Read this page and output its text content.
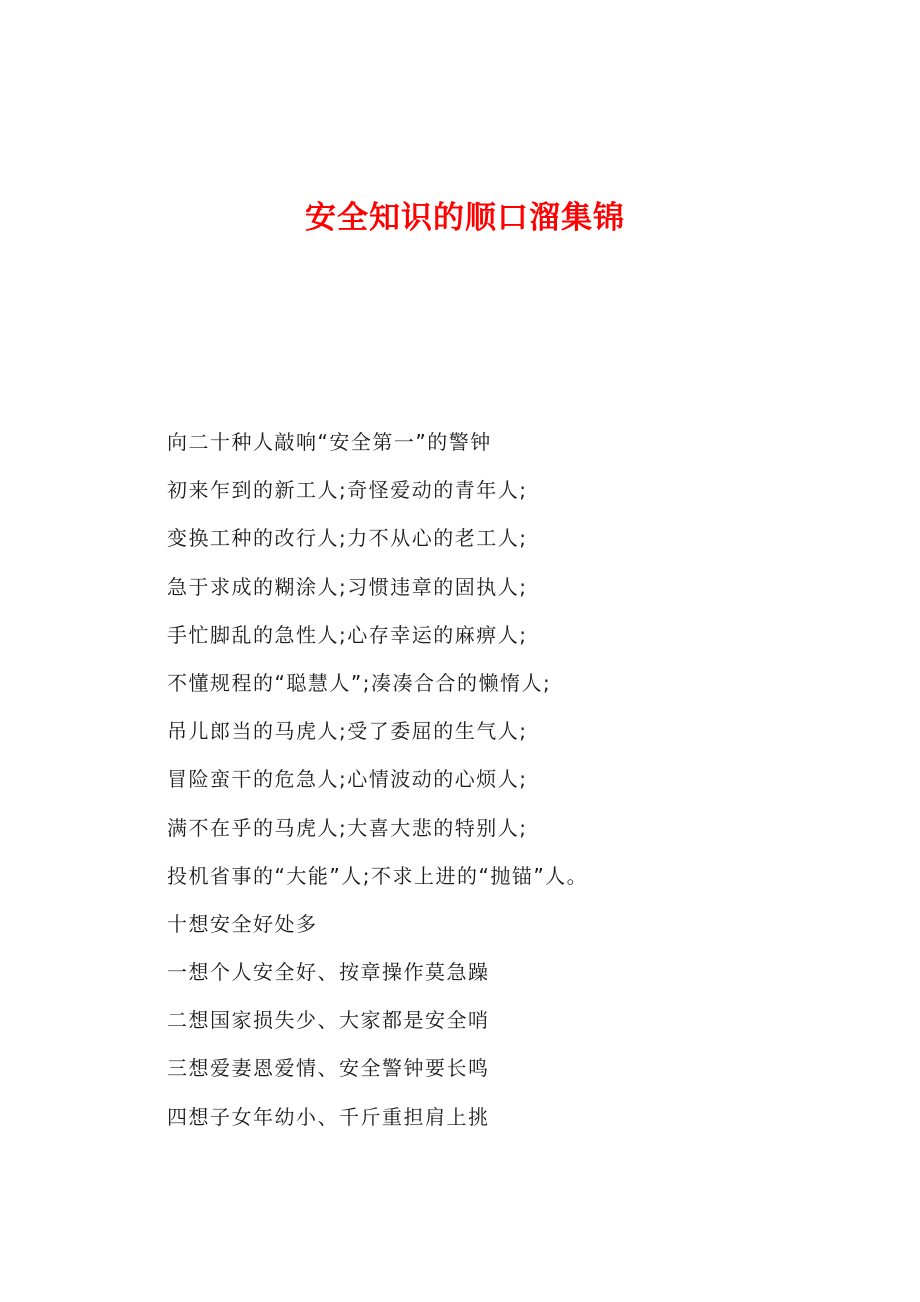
安全知识的顺口溜集锦
向二十种人敲响“安全第一”的警钟
初来乍到的新工人;奇怪爱动的青年人;
变换工种的改行人;力不从心的老工人;
急于求成的糊涂人;习惯违章的固执人;
手忙脚乱的急性人;心存幸运的麻痹人;
不懂规程的“聪慧人”;凑凑合合的懒惰人;
吊儿郎当的马虎人;受了委屈的生气人;
冒险蛮干的危急人;心情波动的心烦人;
满不在乎的马虎人;大喜大悲的特别人;
投机省事的“大能”人;不求上进的“抛锚”人。
十想安全好处多
一想个人安全好、按章操作莫急躁
二想国家损失少、大家都是安全哨
三想爱妻恩爱情、安全警钟要长鸣
四想子女年幼小、千斤重担肩上挑
